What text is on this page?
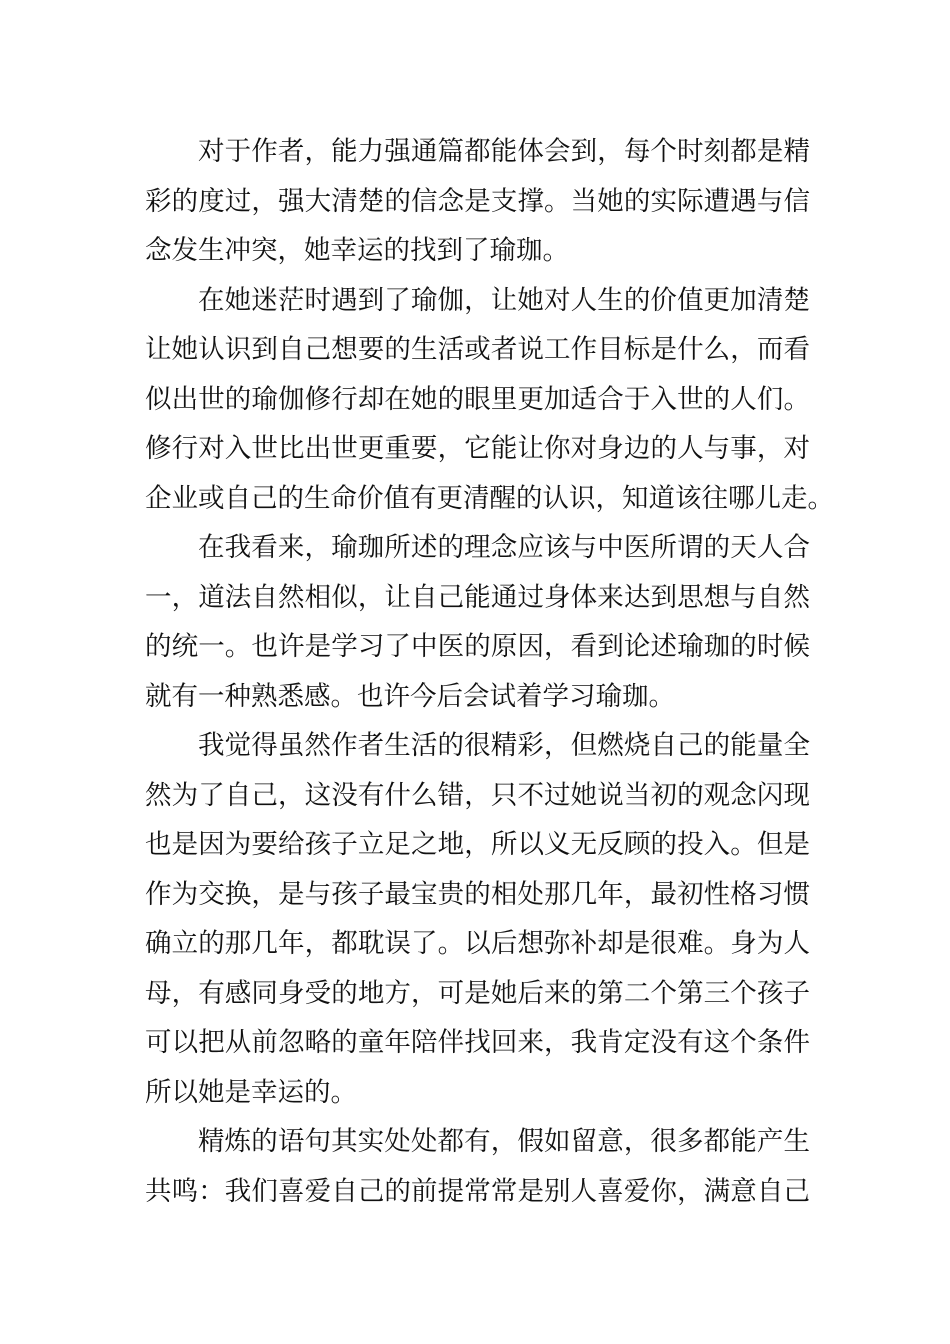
对于作者，能力强通篇都能体会到，每个时刻都是精
彩的度过，强大清楚的信念是支撑。当她的实际遭遇与信
念发生冲突，她幸运的找到了瑜珈。
在她迷茫时遇到了瑜伽，让她对人生的价值更加清楚
让她认识到自己想要的生活或者说工作目标是什么，而看
似出世的瑜伽修行却在她的眼里更加适合于入世的人们。
修行对入世比出世更重要，它能让你对身边的人与事，对
企业或自己的生命价值有更清醒的认识，知道该往哪儿走。
在我看来，瑜珈所述的理念应该与中医所谓的天人合
一，道法自然相似，让自己能通过身体来达到思想与自然
的统一。也许是学习了中医的原因，看到论述瑜珈的时候
就有一种熟悉感。也许今后会试着学习瑜珈。
我觉得虽然作者生活的很精彩，但燃烧自己的能量全
然为了自己，这没有什么错，只不过她说当初的观念闪现
也是因为要给孩子立足之地，所以义无反顾的投入。但是
作为交换，是与孩子最宝贵的相处那几年，最初性格习惯
确立的那几年，都耽误了。以后想弥补却是很难。身为人
母，有感同身受的地方，可是她后来的第二个第三个孩子
可以把从前忽略的童年陪伴找回来，我肯定没有这个条件
所以她是幸运的。
精炼的语句其实处处都有，假如留意，很多都能产生
共鸣：我们喜爱自己的前提常常是别人喜爱你，满意自己
